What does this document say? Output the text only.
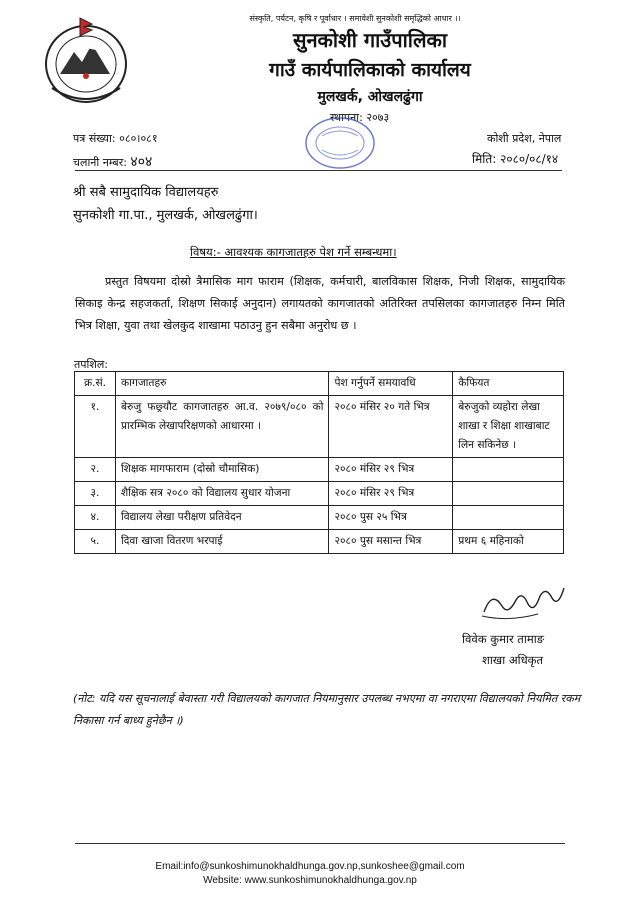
संस्कृति, पर्यटन, कृषि र पूर्वाधार । समावेशी सुनकोशी समृद्धिको आधार ।।
सुनकोशी गाउँपालिका
गाउँ कार्यपालिकाको कार्यालय
मुलखर्क, ओखलढुंगा
स्थापना: २०७३
पत्र संख्या: ०८०।०८१
चलानी नम्बर: ४०४
कोशी प्रदेश, नेपाल
मिति: २०८०/०८/१४
श्री सबै सामुदायिक विद्यालयहरु
सुनकोशी गा.पा., मुलखर्क, ओखलढुंगा।
विषय:- आवश्यक कागजातहरु पेश गर्ने सम्बन्धमा।
प्रस्तुत विषयमा दोस्रो त्रैमासिक माग फाराम (शिक्षक, कर्मचारी, बालविकास शिक्षक, निजी शिक्षक, सामुदायिक सिकाइ केन्द्र सहजकर्ता, शिक्षण सिकाई अनुदान) लगायतको कागजातको अतिरिक्त तपसिलका कागजातहरु निम्न मिति भित्र शिक्षा, युवा तथा खेलकुद शाखामा पठाउनु हुन सबैमा अनुरोध छ ।
तपशिल:
क्र.सं.	कागजातहरु	पेश गर्नुपर्ने समयावधि	कैफियत
१.	बेरुजु फछ्र्यौट कागजातहरु आ.व. २०७९/०८० को प्रारम्भिक लेखापरिक्षणको आधारमा ।	२०८० मंसिर २० गते भित्र	बेरुजुको व्यहोरा लेखा शाखा र शिक्षा शाखाबाट लिन सकिनेछ ।
२.	शिक्षक मागफाराम (दोस्रो चौमासिक)	२०८० मंसिर २९ भित्र	
३.	शैक्षिक सत्र २०८० को विद्यालय सुधार योजना	२०८० मंसिर २९ भित्र	
४.	विद्यालय लेखा परीक्षण प्रतिवेदन	२०८० पुस २५ भित्र	
५.	दिवा खाजा वितरण भरपाई	२०८० पुस मसान्त भित्र	प्रथम ६ महिनाको
विवेक कुमार तामाङ
शाखा अधिकृत
(नोट: यदि यस सूचनालाई बेवास्ता गरी विद्यालयको कागजात नियमानुसार उपलब्ध नभएमा वा नगराएमा विद्यालयको नियमित रकम निकासा गर्न बाध्य हुनेछैन ।)
Email:info@sunkoshimunokhaldhunga.gov.np,sunkoshee@gmail.com
Website: www.sunkoshimunokhaldhunga.gov.np
